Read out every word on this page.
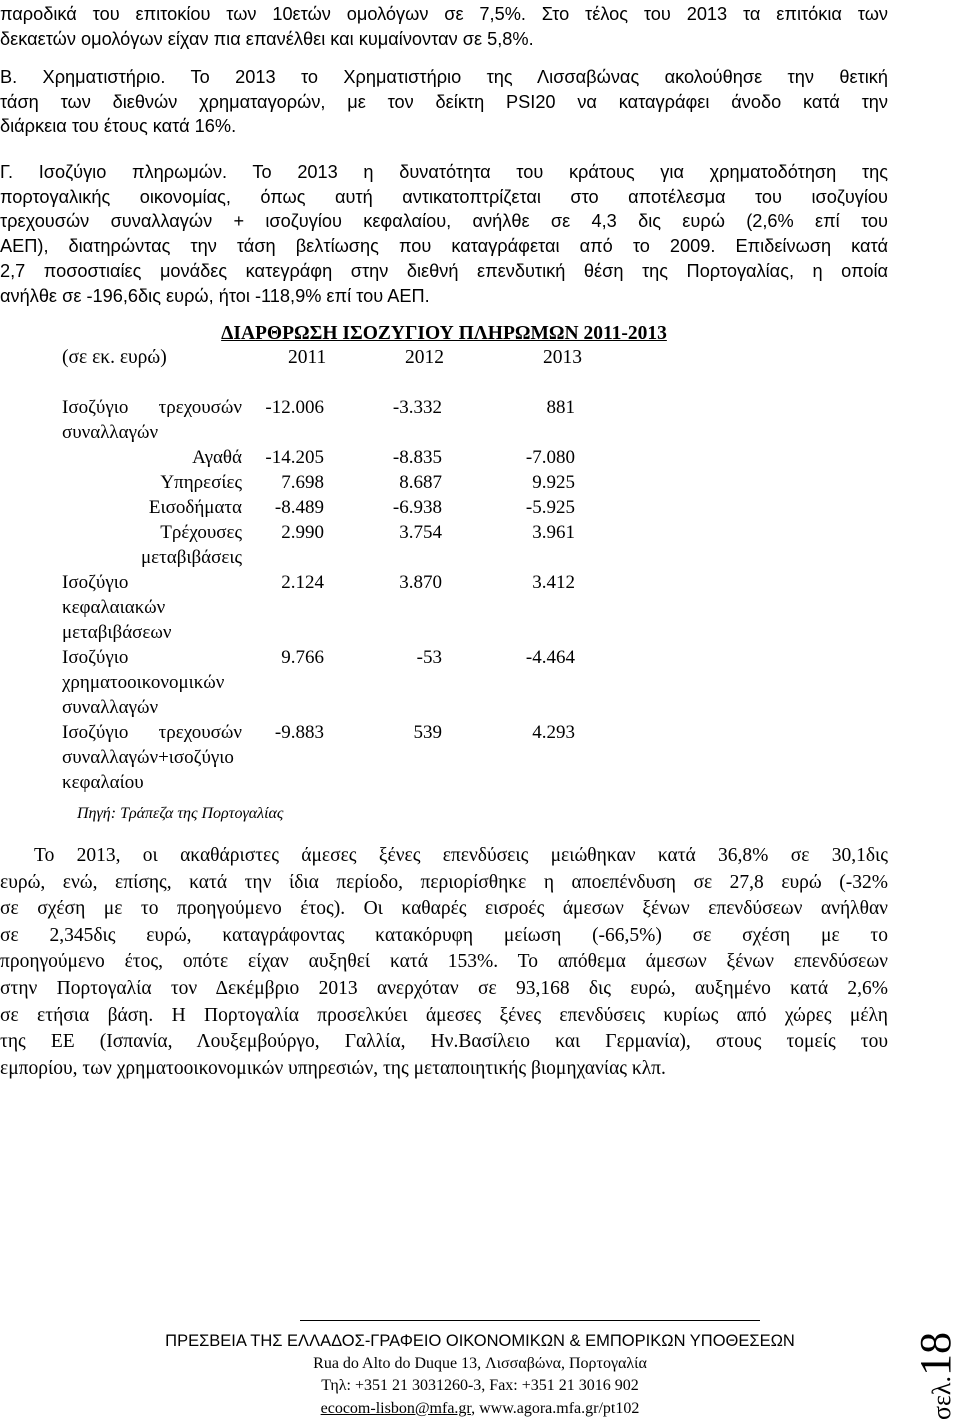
παροδικά του επιτοκίου των 10ετών ομολόγων σε 7,5%. Στο τέλος του 2013 τα επιτόκια των

δεκαετών ομολόγων είχαν πια επανέλθει και κυμαίνονταν σε 5,8%.

Β. Χρηματιστήριο. Το 2013 το Χρηματιστήριο της Λισσαβώνας ακολούθησε την θετική

τάση των διεθνών χρηματαγορών, με τον δείκτη PSI20 να καταγράφει άνοδο κατά την

διάρκεια του έτους κατά 16%.

Γ. Ισοζύγιο πληρωμών. Το 2013 η δυνατότητα του κράτους για χρηματοδότηση της

πορτογαλικής οικονομίας, όπως αυτή αντικατοπτρίζεται στο αποτέλεσμα του ισοζυγίου

τρεχουσών συναλλαγών + ισοζυγίου κεφαλαίου, ανήλθε σε 4,3 δις ευρώ (2,6% επί του

ΑΕΠ), διατηρώντας την τάση βελτίωσης που καταγράφεται από το 2009. Επιδείνωση κατά

2,7 ποσοστιαίες μονάδες κατεγράφη στην διεθνή επενδυτική θέση της Πορτογαλίας, η οποία

ανήλθε σε -196,6δις ευρώ, ήτοι -118,9% επί του ΑΕΠ.

ΔΙΑΡΘΡΩΣΗ ΙΣΟΖΥΓΙΟΥ ΠΛΗΡΩΜΩΝ 2011-2013
(σε εκ. ευρώ)	2011	2012	2013
Ισοζύγιο τρεχουσών
συναλλαγών	-12.006	-3.332	881
Αγαθά	-14.205	-8.835	-7.080
Υπηρεσίες	7.698	8.687	9.925
Εισοδήματα	-8.489	-6.938	-5.925

Τρέχουσες
μεταβιβάσεις	2.990	3.754	3.961

Ισοζύγιο
κεφαλαιακών
μεταβιβάσεων	2.124	3.870	3.412

Ισοζύγιο
χρηματοοικονομικών
συναλλαγών	9.766	-53	-4.464

Ισοζύγιο τρεχουσών
συναλλαγών+ισοζύγιο
κεφαλαίου	-9.883	539	4.293
Πηγή: Τράπεζα της Πορτογαλίας

Το 2013, οι ακαθάριστες άμεσες ξένες επενδύσεις μειώθηκαν κατά 36,8% σε 30,1δις

ευρώ, ενώ, επίσης, κατά την ίδια περίοδο, περιορίσθηκε η αποεπένδυση σε 27,8 ευρώ (-32%

σε σχέση με το προηγούμενο έτος). Οι καθαρές εισροές άμεσων ξένων επενδύσεων ανήλθαν

σε 2,345δις ευρώ, καταγράφοντας κατακόρυφη μείωση (-66,5%) σε σχέση με το

προηγούμενο έτος, οπότε είχαν αυξηθεί κατά 153%. Το απόθεμα άμεσων ξένων επενδύσεων

στην Πορτογαλία τον Δεκέμβριο 2013 ανερχόταν σε 93,168 δις ευρώ, αυξημένο κατά 2,6%

σε ετήσια βάση. Η Πορτογαλία προσελκύει άμεσες ξένες επενδύσεις κυρίως από χώρες μέλη

της ΕΕ (Ισπανία, Λουξεμβούργο, Γαλλία, Ην.Βασίλειο και Γερμανία), στους τομείς του

εμπορίου, των χρηματοοικονομικών υπηρεσιών, της μεταποιητικής βιομηχανίας κλπ.

ΠΡΕΣΒΕΙΑ ΤΗΣ ΕΛΛΑΔΟΣ-ΓΡΑΦΕΙΟ ΟΙΚΟΝΟΜΙΚΩΝ & ΕΜΠΟΡΙΚΩΝ ΥΠΟΘΕΣΕΩΝ
Rua do Alto do Duque 13, Λισσαβώνα, Πορτογαλία
Τηλ: +351 21 3031260-3, Fax: +351 21 3016 902
ecocom-lisbon@mfa.gr, www.agora.mfa.gr/pt102	σελ.18
